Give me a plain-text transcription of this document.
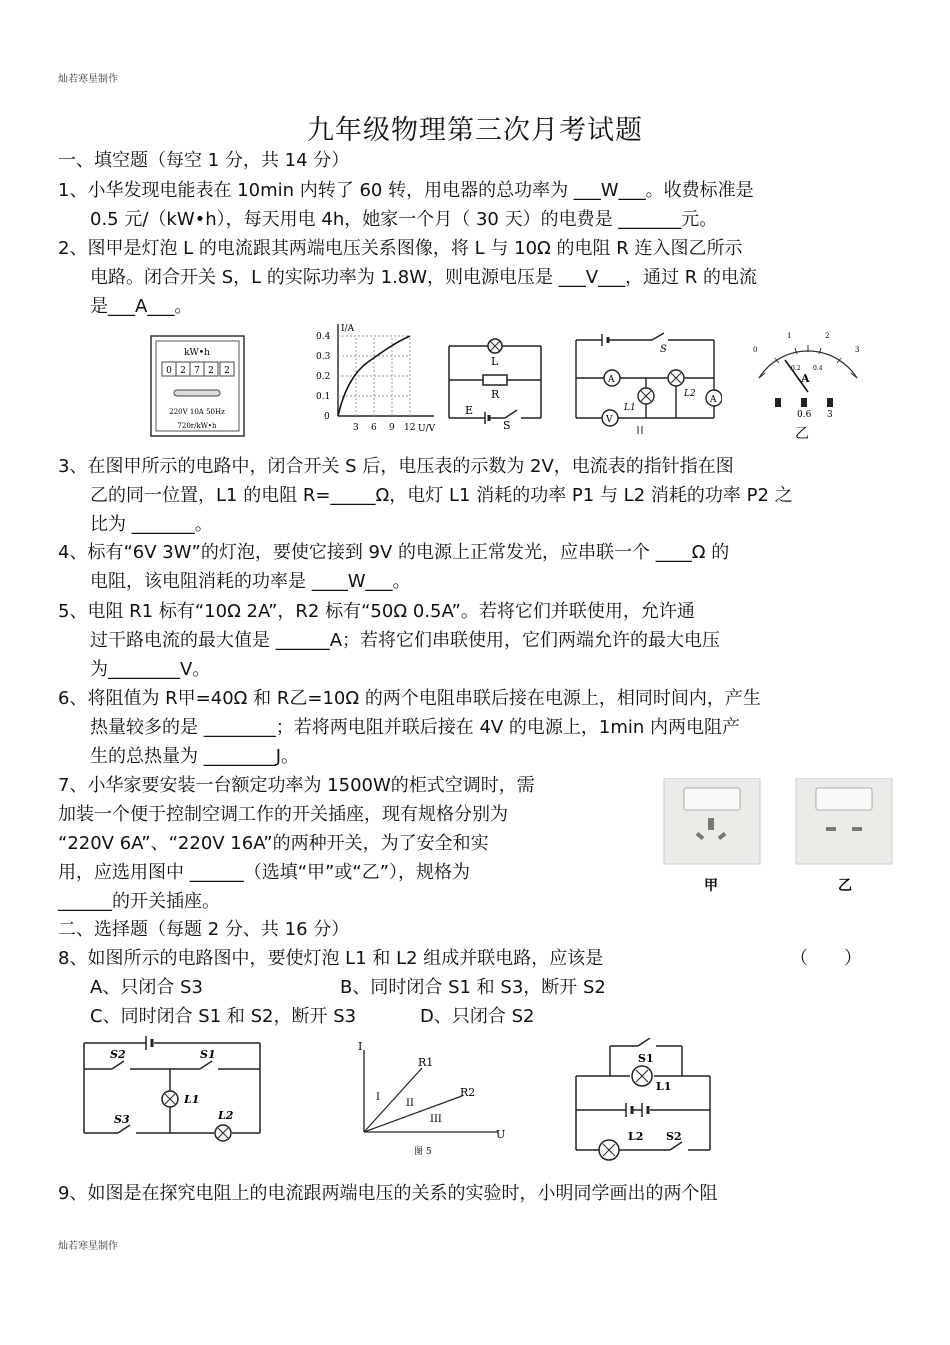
灿若寒星制作
九年级物理第三次月考试题
一、填空题（每空 1 分，共 14 分）
1、小华发现电能表在 10min 内转了 60 转，用电器的总功率为 ___W___。收费标准是
0.5 元/（kW•h），每天用电 4h，她家一个月（ 30 天）的电费是 _______元。
2、图甲是灯泡 L 的电流跟其两端电压关系图像，将 L 与 10Ω 的电阻 R 连入图乙所示
电路。闭合开关 S，L 的实际功率为 1.8W，则电源电压是 ___V___，通过 R 的电流
是___A___。
kW•h
0 2 7 2 2
220V 10A 50Hz
720r/kW•h
I/A
U/V
0.4
0.3
0.2
0.1
0
3 6 9 12
L
R
E
S
S
A
A
V
L1
L2
0
1	2
3
0.2 0.4
A
0.6 3
乙
3、在图甲所示的电路中，闭合开关 S 后，电压表的示数为 2V，电流表的指针指在图
乙的同一位置，L1 的电阻 R=_____Ω，电灯 L1 消耗的功率 P1 与 L2 消耗的功率 P2 之
比为 _______。
4、标有“6V 3W”的灯泡，要使它接到 9V 的电源上正常发光，应串联一个 ____Ω 的
电阻，该电阻消耗的功率是 ____W___。
5、电阻 R1 标有“10Ω 2A”，R2 标有“50Ω 0.5A”。若将它们并联使用，允许通
过干路电流的最大值是 ______A；若将它们串联使用，它们两端允许的最大电压
为________V。
6、将阻值为 R甲=40Ω 和 R乙=10Ω 的两个电阻串联后接在电源上，相同时间内，产生
热量较多的是 ________；若将两电阻并联后接在 4V 的电源上，1min 内两电阻产
生的总热量为 ________J。
7、小华家要安装一台额定功率为 1500W的柜式空调时，需
加装一个便于控制空调工作的开关插座，现有规格分别为
“220V 6A”、“220V 16A”的两种开关，为了安全和实
用，应选用图中 ______（选填“甲”或“乙”），规格为
______的开关插座。
甲	乙
二、选择题（每题 2 分、共 16 分）
8、如图所示的电路图中，要使灯泡 L1 和 L2 组成并联电路，应该是	（　　）
A、只闭合 S3	B、同时闭合 S1 和 S3，断开 S2
C、同时闭合 S1 和 S2，断开 S3	D、只闭合 S2
S2	S1
L1
S3	L2
I
U
R1
R2
I
II
III
图 5
S1
L1
L2 S2
9、如图是在探究电阻上的电流跟两端电压的关系的实验时，小明同学画出的两个阻
灿若寒星制作
